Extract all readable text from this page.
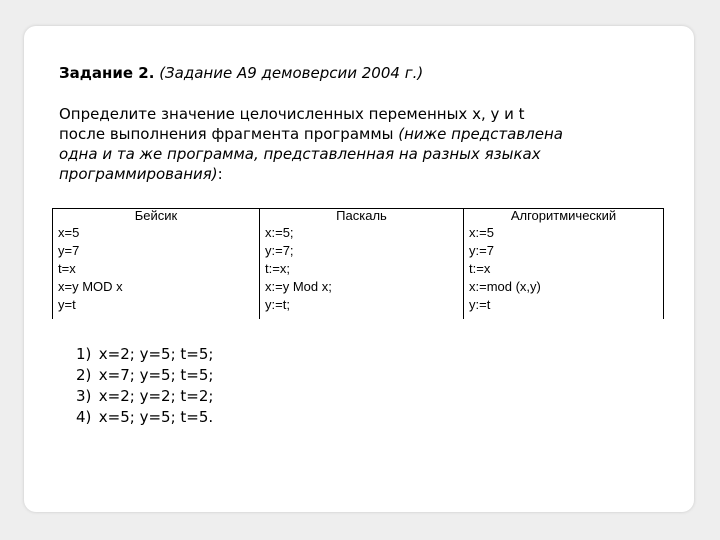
Задание 2. (Задание А9 демоверсии 2004 г.)
Определите значение целочисленных переменных x, y и t
после выполнения фрагмента программы (ниже представлена
одна и та же программа, представленная на разных языках
программирования):
Бейсик
x=5
y=7
t=x
x=y MOD x
y=t
Паскаль
x:=5;
y:=7;
t:=x;
x:=y Mod x;
y:=t;
Алгоритмический
x:=5
y:=7
t:=x
x:=mod (x,y)
y:=t
1) x=2; y=5; t=5;
2) x=7; y=5; t=5;
3) x=2; y=2; t=2;
4) x=5; y=5; t=5.
